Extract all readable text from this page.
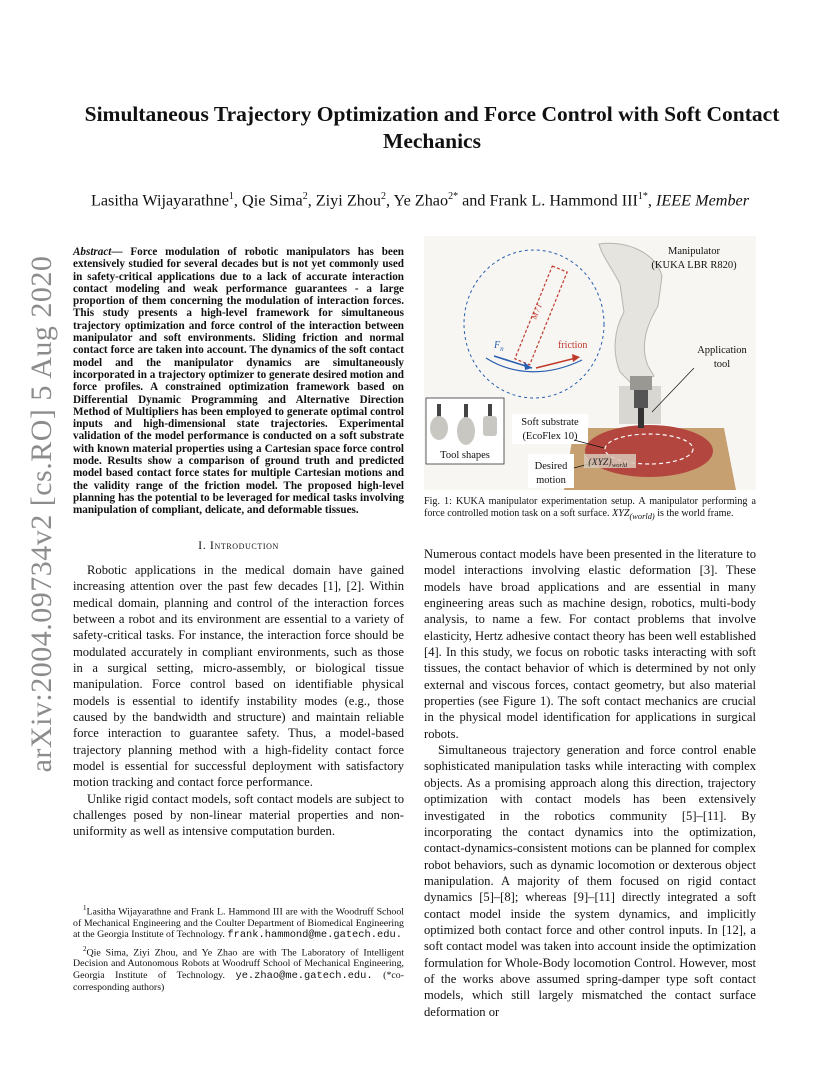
arXiv:2004.09734v2 [cs.RO] 5 Aug 2020
Simultaneous Trajectory Optimization and Force Control with Soft Contact Mechanics
Lasitha Wijayarathne$^1$, Qie Sima$^2$, Ziyi Zhou$^2$, Ye Zhao$^{2*}$ and Frank L. Hammond $III^{1*}$, IEEE Member

Abstract— Force modulation of robotic manipulators has been extensively studied for several decades but is not yet commonly used in safety-critical applications due to a lack of accurate interaction contact modeling and weak performance guarantees - a large proportion of them concerning the modulation of interaction forces. This study presents a high-level framework for simultaneous trajectory optimization and force control of the interaction between manipulator and soft environments. Sliding friction and normal contact force are taken into account. The dynamics of the soft contact model and the manipulator dynamics are simultaneously incorporated in a trajectory optimizer to generate desired motion and force profiles. A constrained optimization framework based on Differential Dynamic Programming and Alternative Direction Method of Multipliers has been employed to generate optimal control inputs and high-dimensional state trajectories. Experimental validation of the model performance is conducted on a soft substrate with known material properties using a Cartesian space force control mode. Results show a comparison of ground truth and predicted model based contact force states for multiple Cartesian motions and the validity range of the friction model. The proposed high-level planning has the potential to be leveraged for medical tasks involving manipulation of compliant, delicate, and deformable tissues.

I. Introduction

Robotic applications in the medical domain have gained increasing attention over the past few decades [1], [2]. Within medical domain, planning and control of the interaction forces between a robot and its environment are essential to a variety of safety-critical tasks. For instance, the interaction force should be modulated accurately in compliant environments, such as those in a surgical setting, micro-assembly, or biological tissue manipulation. Force control based on identifiable physical models is essential to identify instability modes (e.g., those caused by the bandwidth and structure) and maintain reliable force interaction to guarantee safety. Thus, a model-based trajectory planning method with a high-fidelity contact force model is essential for successful deployment with satisfactory motion tracking and contact force performance.

Unlike rigid contact models, soft contact models are subject to challenges posed by non-linear material properties and non-uniformity as well as intensive computation burden.

$^1$Lasitha Wijayarathne and Frank L. Hammond III are with the Woodruff School of Mechanical Engineering and the Coulter Department of Biomedical Engineering at the Georgia Institute of Technology. frank.hammond@me.gatech.edu.

$^2$Qie Sima, Ziyi Zhou, and Ye Zhao are with The Laboratory of Intelligent Decision and Autonomous Robots at Woodruff School of Mechanical Engineering, Georgia Institute of Technology. ye.zhao@me.gatech.edu. (*co-corresponding authors)

M / I
$F_n$	friction
Manipulator
(KUKA LBR R820)
Application
tool
Tool shapes
Soft substrate
(EcoFlex 10)
Desired
motion
$\{XYZ\}_{world}$

Fig. 1: KUKA manipulator experimentation setup. A manipulator performing a force controlled motion task on a soft surface. $XYZ_{(world)}$ is the world frame.

Numerous contact models have been presented in the literature to model interactions involving elastic deformation [3]. These models have broad applications and are essential in many engineering areas such as machine design, robotics, multi-body analysis, to name a few. For contact problems that involve elasticity, Hertz adhesive contact theory has been well established [4]. In this study, we focus on robotic tasks interacting with soft tissues, the contact behavior of which is determined by not only external and viscous forces, contact geometry, but also material properties (see Figure 1). The soft contact mechanics are crucial in the physical model identification for applications in surgical robots.

Simultaneous trajectory generation and force control enable sophisticated manipulation tasks while interacting with complex objects. As a promising approach along this direction, trajectory optimization with contact models has been extensively investigated in the robotics community [5]–[11]. By incorporating the contact dynamics into the optimization, contact-dynamics-consistent motions can be planned for complex robot behaviors, such as dynamic locomotion or dexterous object manipulation. A majority of them focused on rigid contact dynamics [5]–[8]; whereas [9]–[11] directly integrated a soft contact model inside the system dynamics, and implicitly optimized both contact force and other control inputs. In [12], a soft contact model was taken into account inside the optimization formulation for Whole-Body locomotion Control. However, most of the works above assumed spring-damper type soft contact models, which still largely mismatched the contact surface deformation or
